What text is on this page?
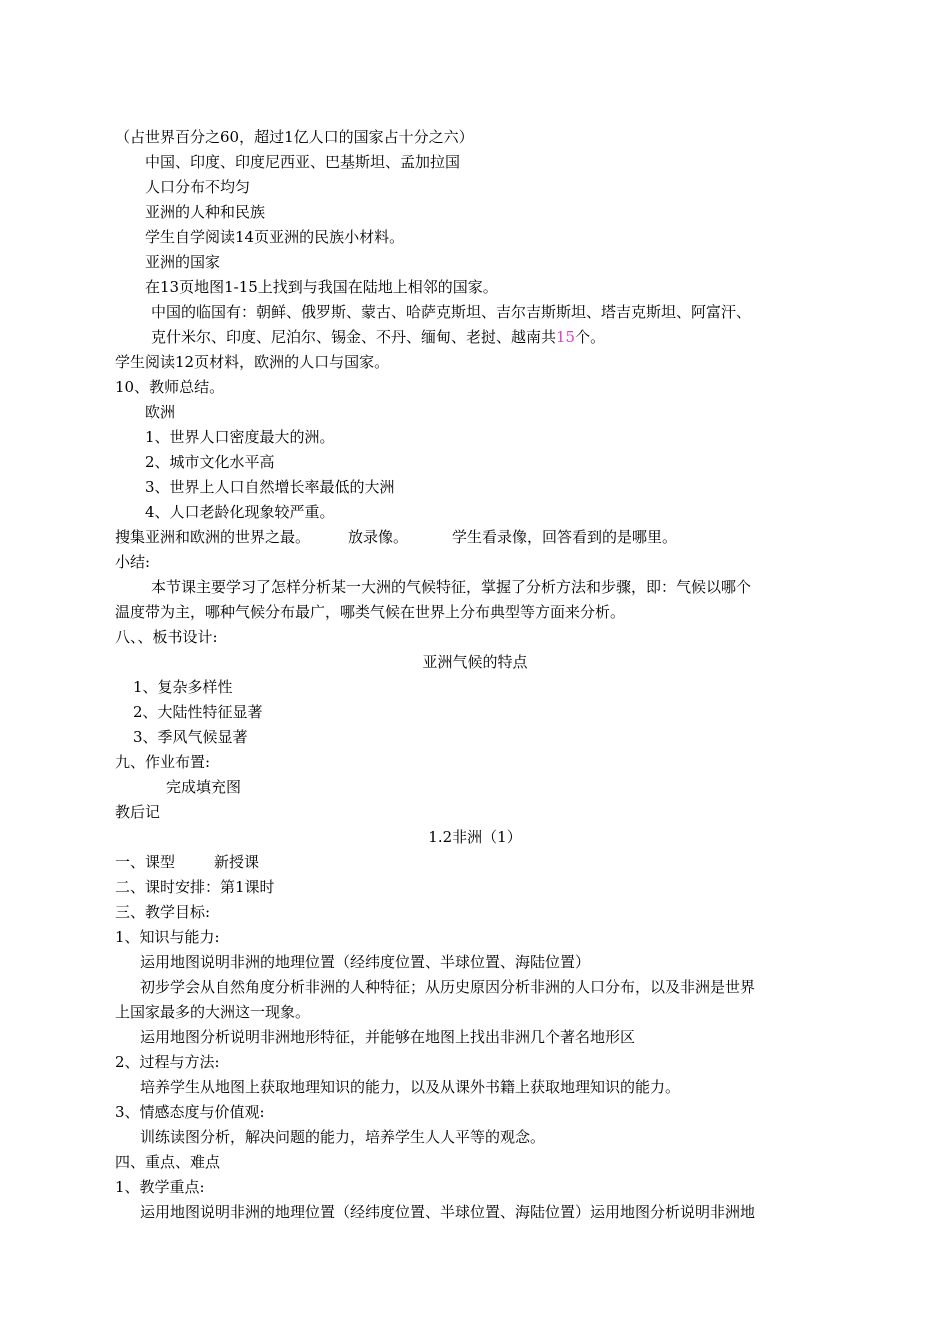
（占世界百分之60，超过1亿人口的国家占十分之六）
中国、印度、印度尼西亚、巴基斯坦、孟加拉国
人口分布不均匀
亚洲的人种和民族
学生自学阅读14页亚洲的民族小材料。
亚洲的国家
在13页地图1-15上找到与我国在陆地上相邻的国家。
中国的临国有：朝鲜、俄罗斯、蒙古、哈萨克斯坦、吉尔吉斯斯坦、塔吉克斯坦、阿富汗、
克什米尔、印度、尼泊尔、锡金、不丹、缅甸、老挝、越南共15个。
学生阅读12页材料，欧洲的人口与国家。
10、教师总结。
欧洲
1、世界人口密度最大的洲。
2、城市文化水平高
3、世界上人口自然增长率最低的大洲
4、人口老龄化现象较严重。
搜集亚洲和欧洲的世界之最。	放录像。	学生看录像，回答看到的是哪里。
小结:
本节课主要学习了怎样分析某一大洲的气候特征，掌握了分析方法和步骤，即：气候以哪个
温度带为主，哪种气候分布最广，哪类气候在世界上分布典型等方面来分析。
八、、板书设计:
亚洲气候的特点
1、复杂多样性
2、大陆性特征显著
3、季风气候显著
九、作业布置:
完成填充图
教后记
1.2非洲（1）
一、课型	新授课
二、课时安排：第1课时
三、教学目标:
1、知识与能力:
运用地图说明非洲的地理位置（经纬度位置、半球位置、海陆位置）
初步学会从自然角度分析非洲的人种特征；从历史原因分析非洲的人口分布，以及非洲是世界
上国家最多的大洲这一现象。
运用地图分析说明非洲地形特征，并能够在地图上找出非洲几个著名地形区
2、过程与方法:
培养学生从地图上获取地理知识的能力，以及从课外书籍上获取地理知识的能力。
3、情感态度与价值观:
训练读图分析，解决问题的能力，培养学生人人平等的观念。
四、重点、难点
1、教学重点:
运用地图说明非洲的地理位置（经纬度位置、半球位置、海陆位置）运用地图分析说明非洲地
